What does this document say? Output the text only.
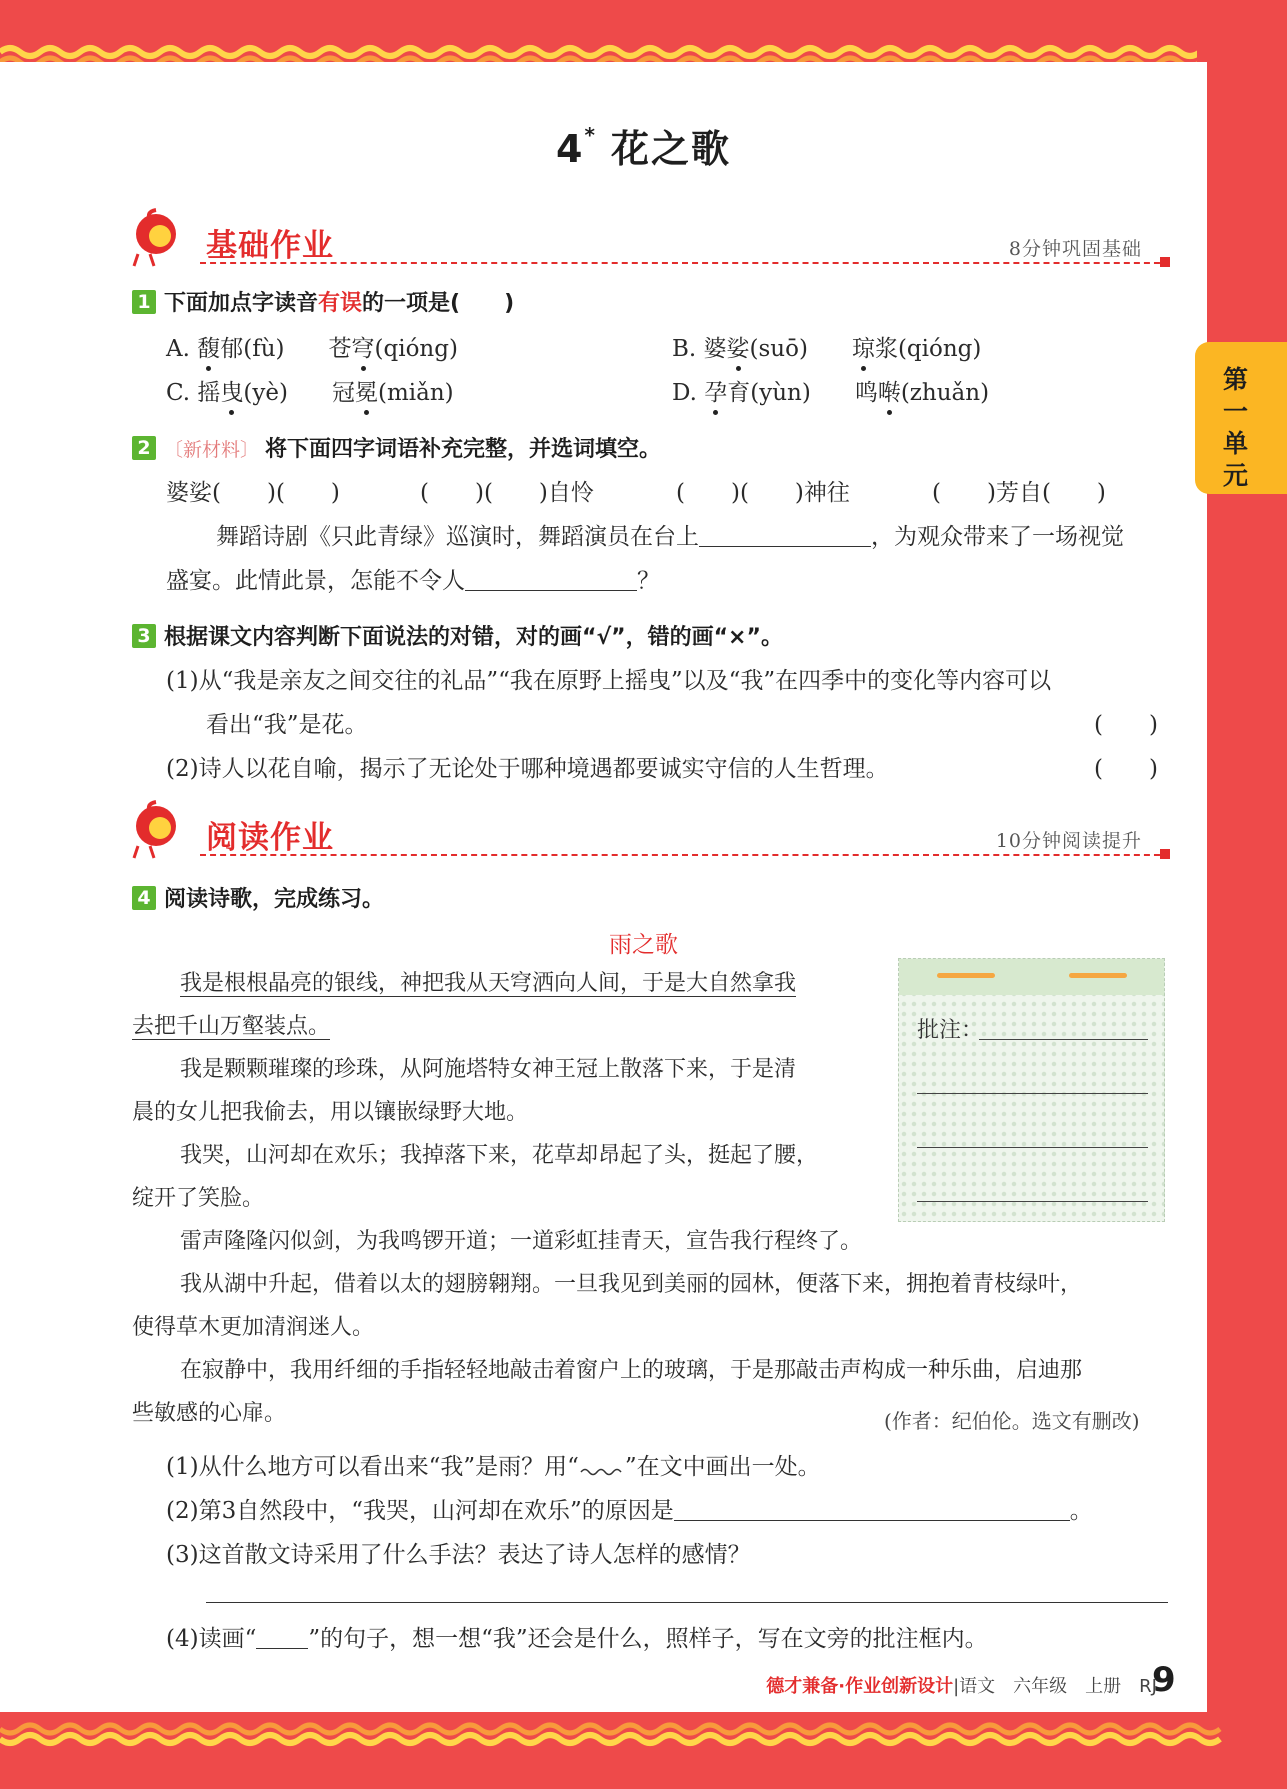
4* 花之歌
第一单元
基础作业	8分钟巩固基础
1 下面加点字读音有误的一项是(　　)
A. 馥郁(fù) 苍穹(qióng)	B. 婆娑(suō) 琼浆(qióng)
C. 摇曳(yè) 冠冕(miǎn)	D. 孕育(yùn) 鸣啭(zhuǎn)
2 〔新材料〕 将下面四字词语补充完整，并选词填空。
婆娑(　　)(　　)	(　　)(　　)自怜	(　　)(　　)神往	(　　)芳自(　　)
舞蹈诗剧《只此青绿》巡演时，舞蹈演员在台上	，为观众带来了一场视觉
盛宴。此情此景，怎能不令人	？
3 根据课文内容判断下面说法的对错，对的画“√”，错的画“×”。
(1)从“我是亲友之间交往的礼品”“我在原野上摇曳”以及“我”在四季中的变化等内容可以
看出“我”是花。	(　　)
(2)诗人以花自喻，揭示了无论处于哪种境遇都要诚实守信的人生哲理。	(　　)
阅读作业	10分钟阅读提升
4 阅读诗歌，完成练习。
雨之歌
我是根根晶亮的银线，神把我从天穹洒向人间，于是大自然拿我
去把千山万壑装点。
我是颗颗璀璨的珍珠，从阿施塔特女神王冠上散落下来，于是清
晨的女儿把我偷去，用以镶嵌绿野大地。
我哭，山河却在欢乐；我掉落下来，花草却昂起了头，挺起了腰，
绽开了笑脸。
雷声隆隆闪似剑，为我鸣锣开道；一道彩虹挂青天，宣告我行程终了。
我从湖中升起，借着以太的翅膀翱翔。一旦我见到美丽的园林，便落下来，拥抱着青枝绿叶，
使得草木更加清润迷人。
在寂静中，我用纤细的手指轻轻地敲击着窗户上的玻璃，于是那敲击声构成一种乐曲，启迪那
些敏感的心扉。	(作者：纪伯伦。选文有删改)
批注：
(1)从什么地方可以看出来“我”是雨？用“ ”在文中画出一处。
(2)第3自然段中，“我哭，山河却在欢乐”的原因是	。
(3)这首散文诗采用了什么手法？表达了诗人怎样的感情？
(4)读画“ ”的句子，想一想“我”还会是什么，照样子，写在文旁的批注框内。
德才兼备·作业创新设计|语文　六年级　上册　RJ
9
